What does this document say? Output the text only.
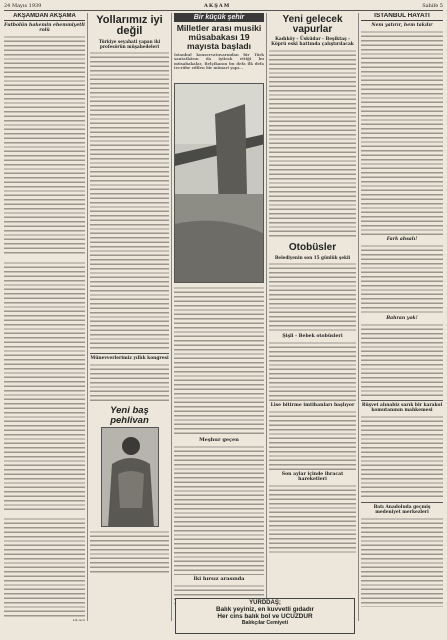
24 Mayıs 1939	AKŞAM	Sahife 5
AKŞAMDAN AKŞAMA
Futbolün hakemin ehemmiyetli rolü
Vâ-Nû
Yollarımız iyi değil
Türkiye seyahati yapan iki profesörün müşahedeleri
Münevverlerimiz yıllık kongresi
Yeni baş pehlivan
Bir küçük şehir
Milletler arası musiki müsabakası 19 mayısta başladı
İstanbul konservatuvarından bir Türk santatkârın da iştirak ettiği bu müsabakalar, Belçikanın bu defa ilk defa tecrübe edilen bir mimari yapı...
Meşhur geçen
İki hırsız arasında
Yeni gelecek vapurlar
Kadıköy - Üsküdar - Beşiktaş - Köprü eski hattında çalıştırılacak
Otobüsler
Belediyenin son 15 günlük şekli
Şişli - Bebek otobüsleri
Lise bitirme imtihanları başlıyor
Son aylar içinde ihracat hareketleri
İSTANBUL HAYATI
Nem yatırır, hem takılır
Fark ahsalı!
Bahran yok!
Rüşvet alınabiz sarık bir karakol komutanının mahkemesi
Batı Anadoluda geçmiş medeniyet merkezleri
YURDDAŞ;
Balık yeyiniz, en kuvvetli gıdadır
Her cins balık bol ve UCUZDUR
Balıkçılar Cemiyeti
